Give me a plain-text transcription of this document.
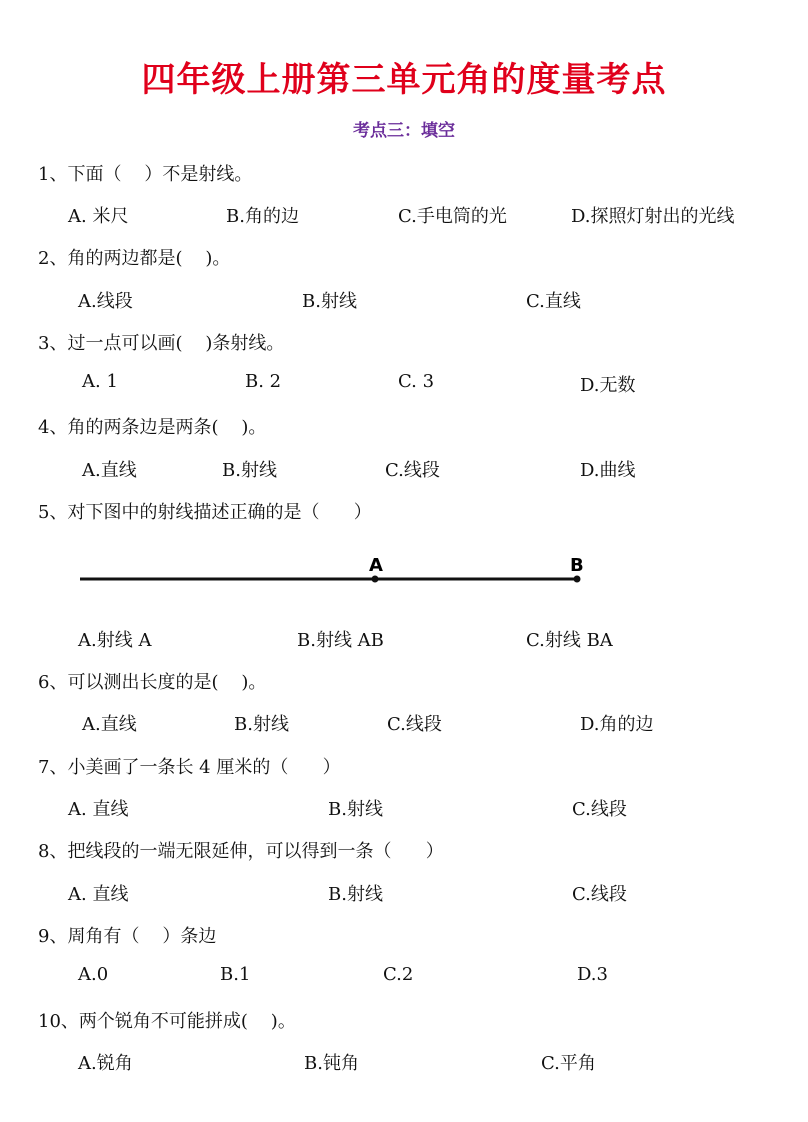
四年级上册第三单元角的度量考点
考点三：填空
1、下面（    ）不是射线。
A. 米尺	B.角的边	C.手电筒的光	D.探照灯射出的光线
2、角的两边都是(    )。
A.线段	B.射线	C.直线
3、过一点可以画(    )条射线。
A. 1	B. 2	C. 3	D.无数
4、角的两条边是两条(    )。
A.直线	B.射线	C.线段	D.曲线
5、对下图中的射线描述正确的是（      ）
A	B
A.射线 A	B.射线 AB	C.射线 BA
6、可以测出长度的是(    )。
A.直线	B.射线	C.线段	D.角的边
7、小美画了一条长 4 厘米的（      ）
A. 直线	B.射线	C.线段
8、把线段的一端无限延伸，可以得到一条（      ）
A. 直线	B.射线	C.线段
9、周角有（    ）条边
A.0	B.1	C.2	D.3
10、两个锐角不可能拼成(    )。
A.锐角	B.钝角	C.平角
